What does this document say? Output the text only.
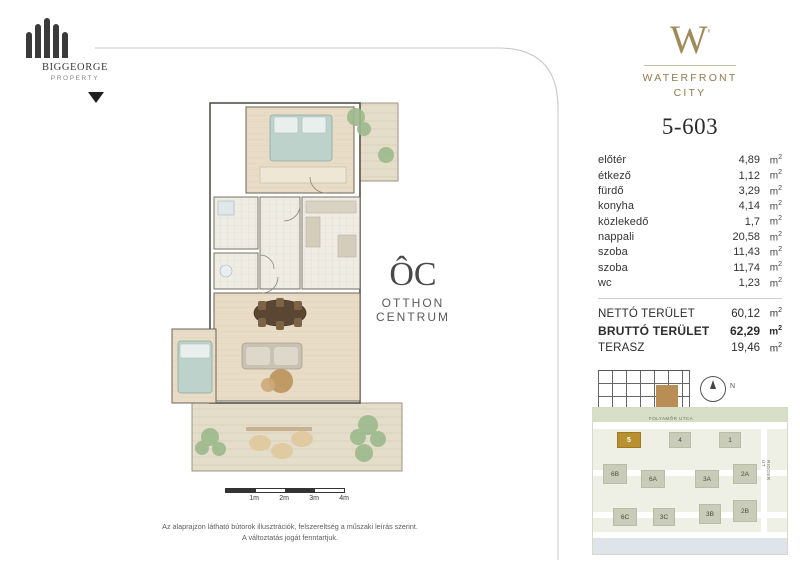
BIGGEORGE
PROPERTY
ÔC
OTTHON
CENTRUM
1m	2m	3m	4m
Az alaprajzon látható bútorok illusztrációk, felszereltség a műszaki leírás szerint.
A változtatás jogát fenntartjuk.
W'
WATERFRONT
CITY
5-603
előtér	4,89 $m^2$
étkező	1,12 $m^2$
fürdő	3,29 $m^2$
konyha	4,14 $m^2$
közlekedő	1,7 $m^2$
nappali	20,58 $m^2$
szoba	11,43 $m^2$
szoba	11,74 $m^2$
wc	1,23 $m^2$
NETTÓ TERÜLET	60,12 $m^2$
BRUTTÓ TERÜLET	62,29 $m^2$
TERASZ	19,46 $m^2$
N
FOLYAMŐR UTCA
RIGGER ÚT
5	4	1
6B
6A	3A
2A
6C	3C	3B	2B
